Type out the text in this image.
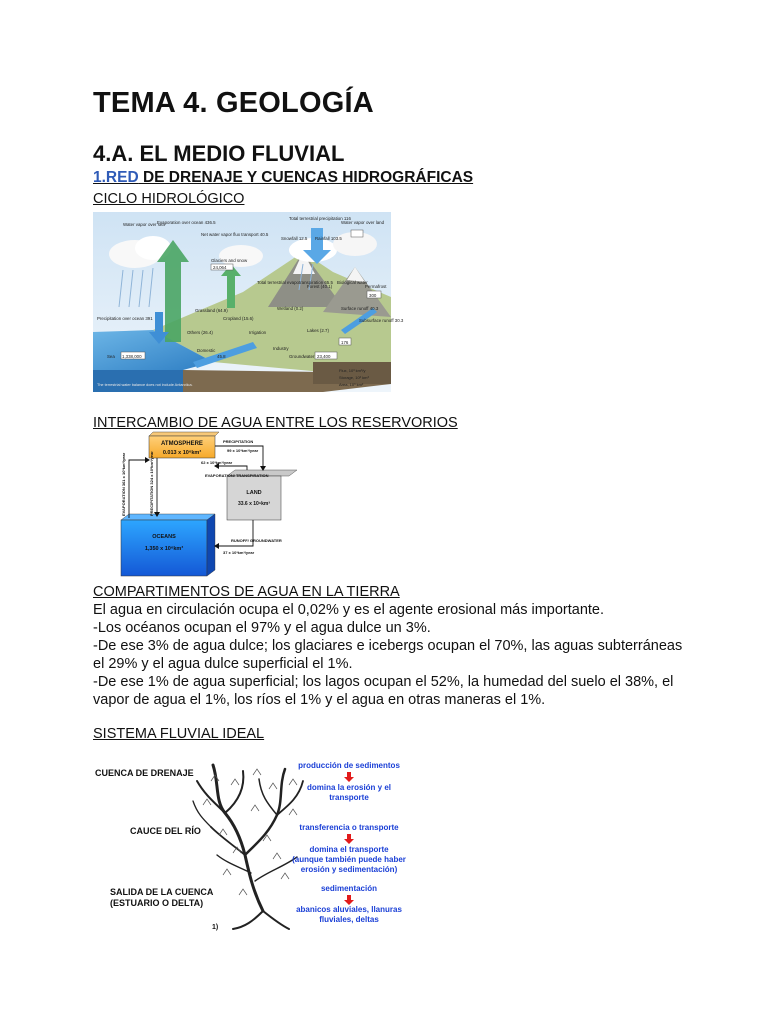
TEMA 4. GEOLOGÍA
4.A. EL MEDIO FLUVIAL
1.RED DE DRENAJE Y CUENCAS HIDROGRÁFICAS
CICLO HIDROLÓGICO
Water vapor over sea
Evaporation over ocean 436.5
Net water vapor flux transport 40.5
Total terrestrial precipitation 116
Snowfall 12.5 Rainfall 103.5
Water vapor over land
Glaciers and snow
24,064
Total terrestrial evapotranspiration 65.5
Forest (40.1)
Biological water
Permafrost
300
Precipitation over ocean 391
Grassland (64.9)
Cropland (15.6)
Wetland (0.2)	Surface runoff 40.3
Subsurface runoff 30.3
Others (26.4)	Irrigation	Lakes (2.7)
176
Domestic	Industry
45.8
Sea 1,338,000	Groundwater 23,400
Flux, 10³ km³/y
Storage, 10³ km³
Area, 10³ km²
The terrestrial water balance does not include Antarctica.
INTERCAMBIO DE AGUA ENTRE LOS RESERVORIOS
ATMOSPHERE
0.013 x 10⁶km³
LAND
33.6 x 10⁶km³
OCEANS
1,350 x 10⁶km³
PRECIPITATION
99 x 10³km³/year
62 x 10³km³/year
EVAPORATION/ TRANSPIRATION
RUNOFF/ GROUNDWATER
37 x 10³km³/year
EVAPORATION 361 x 10³km³/year	PRECIPITATION 324 x 10³km³/year
COMPARTIMENTOS DE AGUA EN LA TIERRA

El agua en circulación ocupa el 0,02% y es el agente erosional más importante.

-Los océanos ocupan el 97% y el agua dulce un 3%.

-De ese 3% de agua dulce; los glaciares e icebergs ocupan el 70%, las aguas subterráneas

el 29% y el agua dulce superficial el 1%.

-De ese 1% de agua superficial; los lagos ocupan el 52%, la humedad del suelo el 38%, el

vapor de agua el 1%, los ríos el 1% y el agua en otras maneras el 1%.

SISTEMA FLUVIAL IDEAL
CUENCA DE DRENAJE
CAUCE DEL RÍO
SALIDA DE LA CUENCA
(ESTUARIO O DELTA)
1)
producción de sedimentos
domina la erosión y el
transporte
transferencia o transporte
domina el transporte
(aunque también puede haber
erosión y sedimentación)
sedimentación
abanicos aluviales, llanuras
fluviales, deltas
